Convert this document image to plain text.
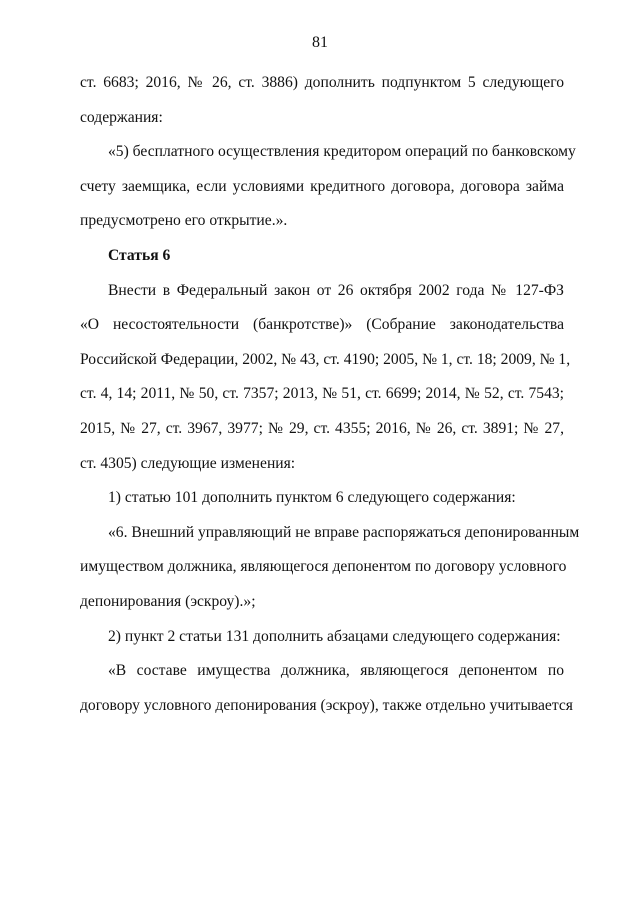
81
ст. 6683; 2016, № 26, ст. 3886) дополнить подпунктом 5 следующего
содержания:
«5) бесплатного осуществления кредитором операций по банковскому
счету заемщика, если условиями кредитного договора, договора займа
предусмотрено его открытие.».
Статья 6
Внести в Федеральный закон от 26 октября 2002 года № 127-ФЗ
«О несостоятельности (банкротстве)» (Собрание законодательства
Российской Федерации, 2002, № 43, ст. 4190; 2005, № 1, ст. 18; 2009, № 1,
ст. 4, 14; 2011, № 50, ст. 7357; 2013, № 51, ст. 6699; 2014, № 52, ст. 7543;
2015, № 27, ст. 3967, 3977; № 29, ст. 4355; 2016, № 26, ст. 3891; № 27,
ст. 4305) следующие изменения:
1) статью 101 дополнить пунктом 6 следующего содержания:
«6. Внешний управляющий не вправе распоряжаться депонированным
имуществом должника, являющегося депонентом по договору условного
депонирования (эскроу).»;
2) пункт 2 статьи 131 дополнить абзацами следующего содержания:
«В составе имущества должника, являющегося депонентом по
договору условного депонирования (эскроу), также отдельно учитывается
